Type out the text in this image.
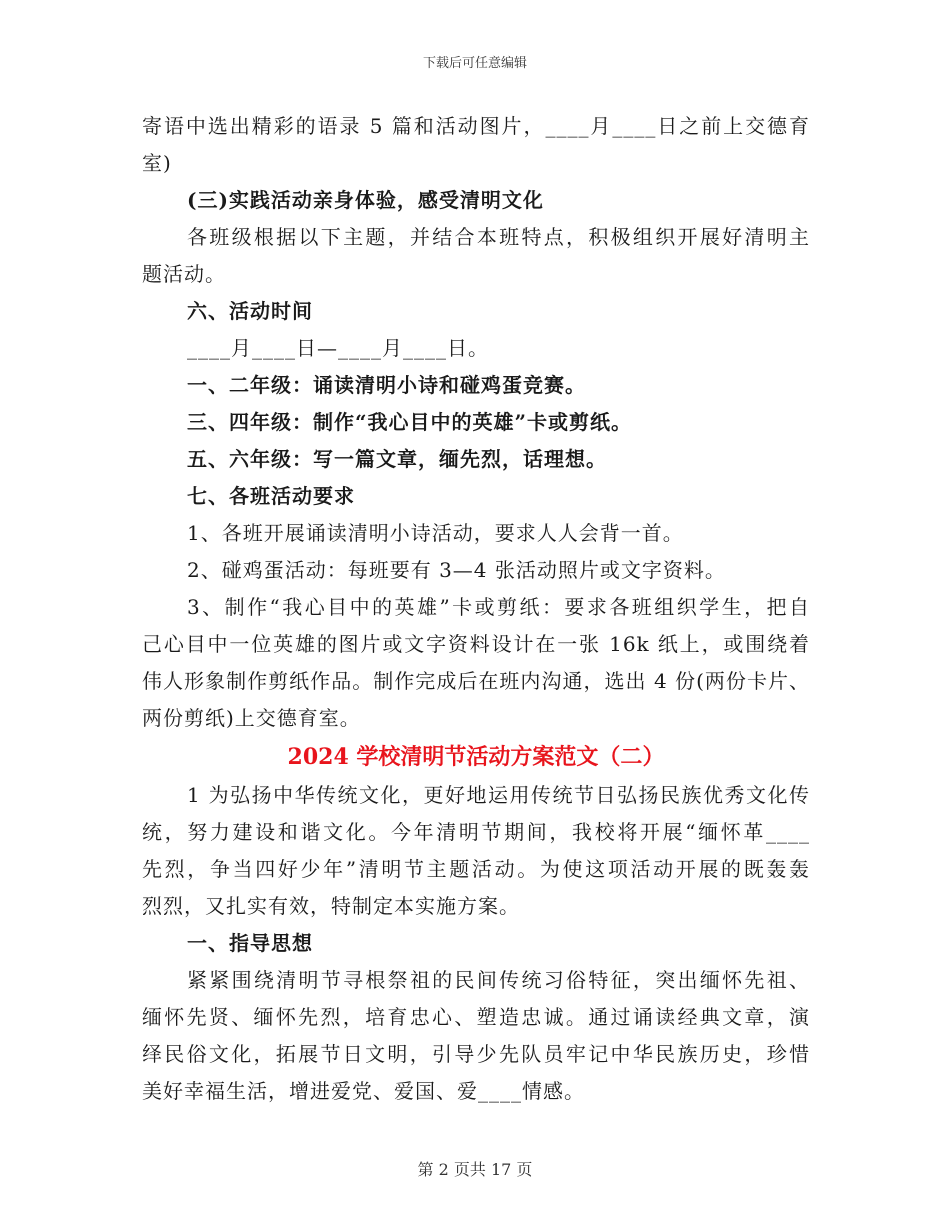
下载后可任意编辑
寄语中选出精彩的语录 5 篇和活动图片，____月____日之前上交德育
室)
(三)实践活动亲身体验，感受清明文化
各班级根据以下主题，并结合本班特点，积极组织开展好清明主
题活动。
六、活动时间
____月____日—____月____日。
一、二年级：诵读清明小诗和碰鸡蛋竞赛。
三、四年级：制作“我心目中的英雄”卡或剪纸。
五、六年级：写一篇文章，缅先烈，话理想。
七、各班活动要求
1、各班开展诵读清明小诗活动，要求人人会背一首。
2、碰鸡蛋活动：每班要有 3—4 张活动照片或文字资料。
3、制作“我心目中的英雄”卡或剪纸：要求各班组织学生，把自
己心目中一位英雄的图片或文字资料设计在一张 16k 纸上，或围绕着
伟人形象制作剪纸作品。制作完成后在班内沟通，选出 4 份(两份卡片、
两份剪纸)上交德育室。
2024 学校清明节活动方案范文（二）
1 为弘扬中华传统文化，更好地运用传统节日弘扬民族优秀文化传
统，努力建设和谐文化。今年清明节期间，我校将开展“缅怀革____
先烈，争当四好少年”清明节主题活动。为使这项活动开展的既轰轰
烈烈，又扎实有效，特制定本实施方案。
一、指导思想
紧紧围绕清明节寻根祭祖的民间传统习俗特征，突出缅怀先祖、
缅怀先贤、缅怀先烈，培育忠心、塑造忠诚。通过诵读经典文章，演
绎民俗文化，拓展节日文明，引导少先队员牢记中华民族历史，珍惜
美好幸福生活，增进爱党、爱国、爱____情感。
第 2 页共 17 页
